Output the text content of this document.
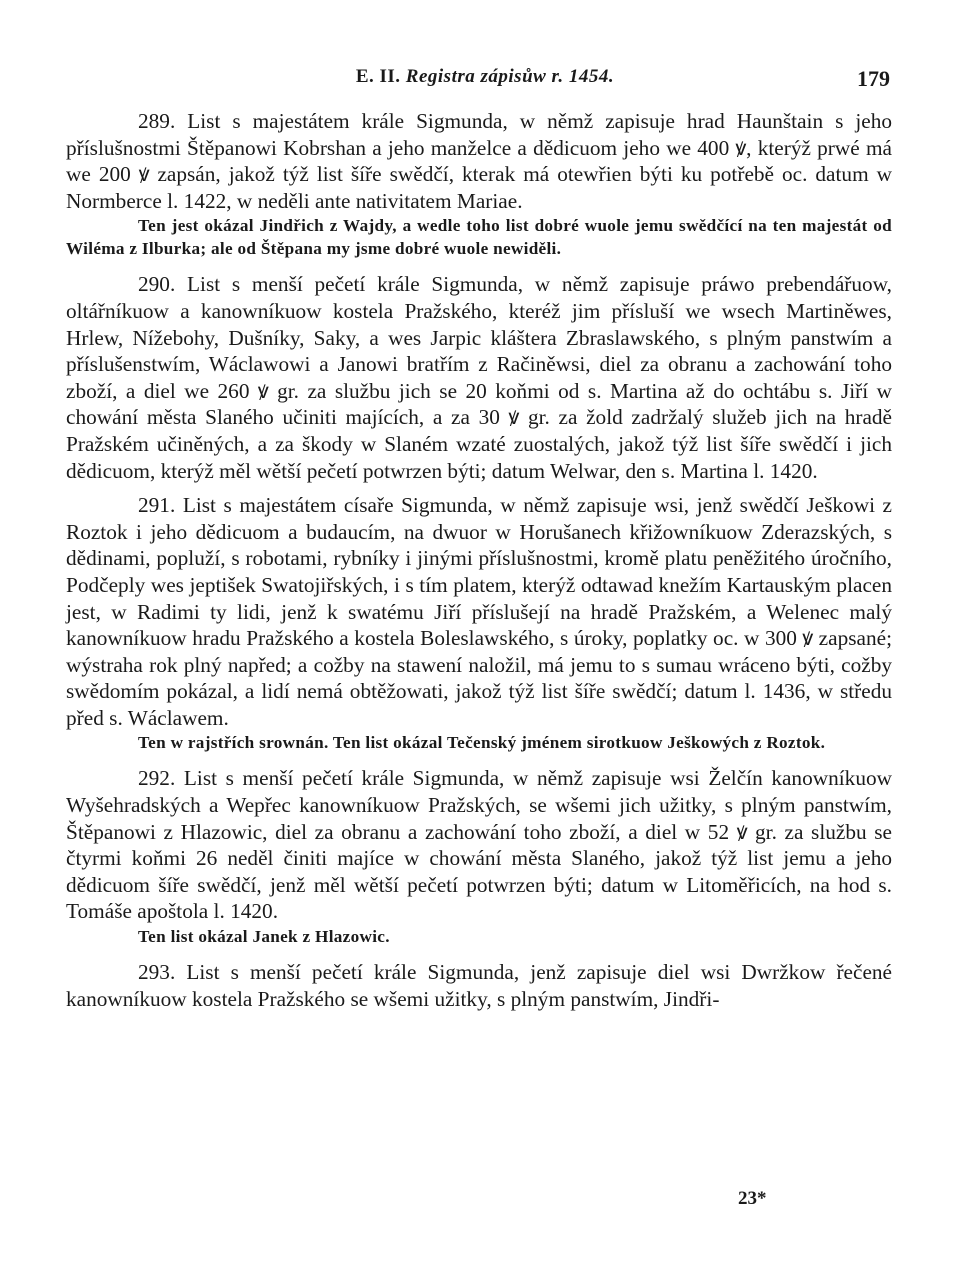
E. II. Registra zápisůw r. 1454.	179

289. List s majestátem krále Sigmunda, w němž zapisuje hrad Haunštain s jeho příslušnostmi Štěpanowi Kobrshan a jeho manželce a dědicuom jeho we 400 ꝟ, kterýž prwé má we 200 ꝟ zapsán, jakož týž list šíře swědčí, kterak má otewřien býti ku potřebě oc. datum w Normberce l. 1422, w neděli ante nativitatem Mariae.

Ten jest okázal Jindřich z Wajdy, a wedle toho list dobré wuole jemu swědčící na ten majestát od Wiléma z Ilburka; ale od Štěpana my jsme dobré wuole newiděli.

290. List s menší pečetí krále Sigmunda, w němž zapisuje práwo prebendářuow, oltářníkuow a kanowníkuow kostela Pražského, kteréž jim přísluší we wsech Martiněwes, Hrlew, Nížebohy, Dušníky, Saky, a wes Jarpic kláštera Zbraslawského, s plným panstwím a příslušenstwím, Wáclawowi a Janowi bratřím z Račiněwsi, diel za obranu a zachowání toho zboží, a diel we 260 ꝟ gr. za službu jich se 20 koňmi od s. Martina až do ochtábu s. Jiří w chowání města Slaného učiniti majících, a za 30 ꝟ gr. za žold zadržalý služeb jich na hradě Pražském učiněných, a za škody w Slaném wzaté zuostalých, jakož týž list šíře swědčí i jich dědicuom, kterýž měl wětší pečetí potwrzen býti; datum Welwar, den s. Martina l. 1420.

291. List s majestátem císaře Sigmunda, w němž zapisuje wsi, jenž swědčí Ješkowi z Roztok i jeho dědicuom a budaucím, na dwuor w Horušanech křižowníkuow Zderazských, s dědinami, popluží, s robotami, rybníky i jinými příslušnostmi, kromě platu peněžitého úročního, Podčeply wes jeptišek Swatojiřských, i s tím platem, kterýž odtawad knežím Kartauským placen jest, w Radimi ty lidi, jenž k swatému Jiří příslušejí na hradě Pražském, a Welenec malý kanowníkuow hradu Pražského a kostela Boleslawského, s úroky, poplatky oc. w 300 ꝟ zapsané; wýstraha rok plný napřed; a cožby na stawení naložil, má jemu to s sumau wráceno býti, cožby swědomím pokázal, a lidí nemá obtěžowati, jakož týž list šíře swědčí; datum l. 1436, w středu před s. Wáclawem.

Ten w rajstřích srownán. Ten list okázal Tečenský jménem sirotkuow Ješkowých z Roztok.

292. List s menší pečetí krále Sigmunda, w němž zapisuje wsi Želčín kanowníkuow Wyšehradských a Wepřec kanowníkuow Pražských, se wšemi jich užitky, s plným panstwím, Štěpanowi z Hlazowic, diel za obranu a zachowání toho zboží, a diel w 52 ꝟ gr. za službu se čtyrmi koňmi 26 neděl činiti majíce w chowání města Slaného, jakož týž list jemu a jeho dědicuom šíře swědčí, jenž měl wětší pečetí potwrzen býti; datum w Litoměřicích, na hod s. Tomáše apoštola l. 1420.

Ten list okázal Janek z Hlazowic.

293. List s menší pečetí krále Sigmunda, jenž zapisuje diel wsi Dwržkow řečené kanowníkuow kostela Pražského se wšemi užitky, s plným panstwím, Jindři-

23*
